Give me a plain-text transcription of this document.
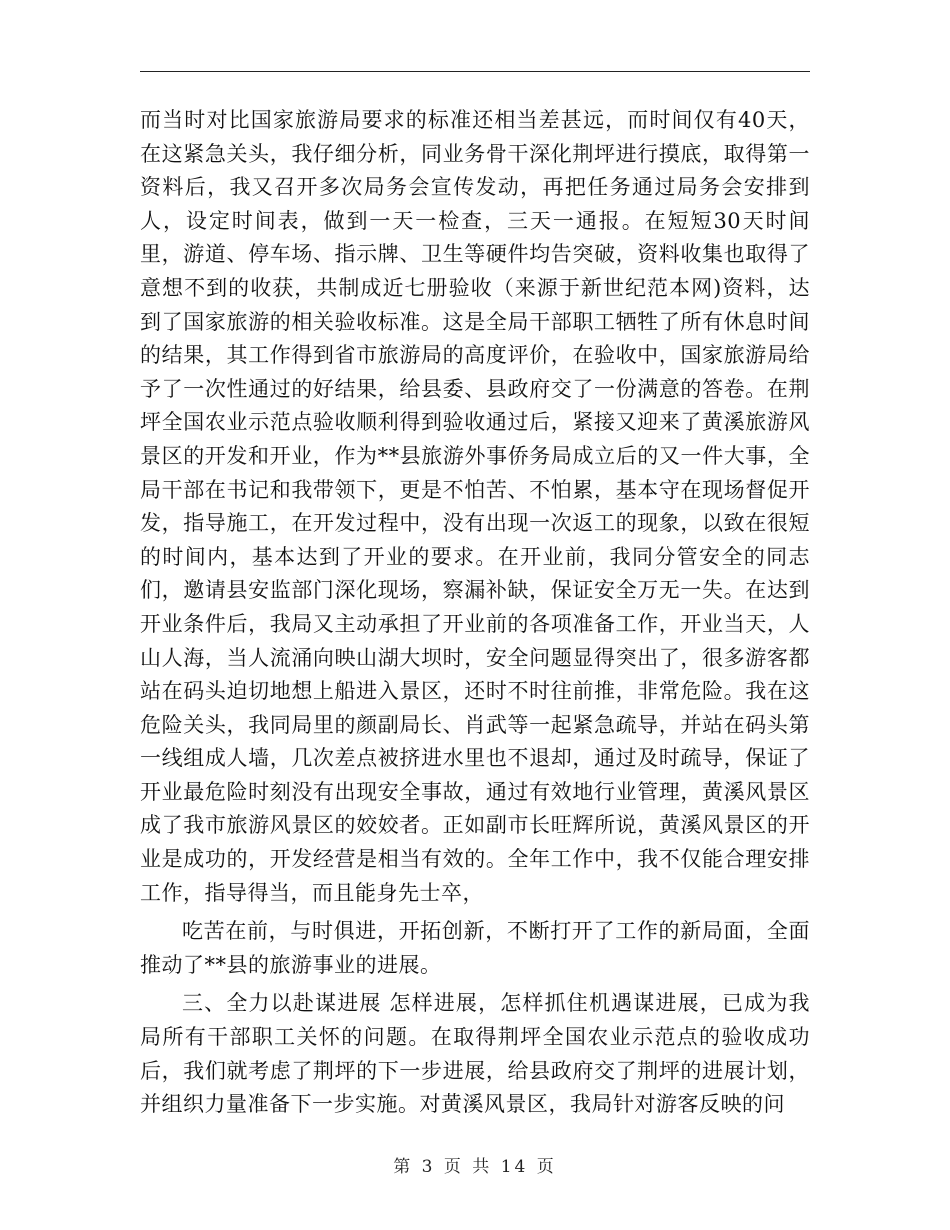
而当时对比国家旅游局要求的标准还相当差甚远，而时间仅有40天，在这紧急关头，我仔细分析，同业务骨干深化荆坪进行摸底，取得第一资料后，我又召开多次局务会宣传发动，再把任务通过局务会安排到人，设定时间表，做到一天一检查，三天一通报。在短短30天时间里，游道、停车场、指示牌、卫生等硬件均告突破，资料收集也取得了意想不到的收获，共制成近七册验收（来源于新世纪范本网)资料，达到了国家旅游的相关验收标准。这是全局干部职工牺牲了所有休息时间的结果，其工作得到省市旅游局的高度评价，在验收中，国家旅游局给予了一次性通过的好结果，给县委、县政府交了一份满意的答卷。在荆坪全国农业示范点验收顺利得到验收通过后，紧接又迎来了黄溪旅游风景区的开发和开业，作为**县旅游外事侨务局成立后的又一件大事，全局干部在书记和我带领下，更是不怕苦、不怕累，基本守在现场督促开发，指导施工，在开发过程中，没有出现一次返工的现象，以致在很短的时间内，基本达到了开业的要求。在开业前，我同分管安全的同志们，邀请县安监部门深化现场，察漏补缺，保证安全万无一失。在达到开业条件后，我局又主动承担了开业前的各项准备工作，开业当天，人山人海，当人流涌向映山湖大坝时，安全问题显得突出了，很多游客都站在码头迫切地想上船进入景区，还时不时往前推，非常危险。我在这危险关头，我同局里的颜副局长、肖武等一起紧急疏导，并站在码头第一线组成人墙，几次差点被挤进水里也不退却，通过及时疏导，保证了开业最危险时刻没有出现安全事故，通过有效地行业管理，黄溪风景区成了我市旅游风景区的姣姣者。正如副市长旺辉所说，黄溪风景区的开业是成功的，开发经营是相当有效的。全年工作中，我不仅能合理安排工作，指导得当，而且能身先士卒，

吃苦在前，与时俱进，开拓创新，不断打开了工作的新局面，全面推动了**县的旅游事业的进展。

三、全力以赴谋进展 怎样进展，怎样抓住机遇谋进展，已成为我局所有干部职工关怀的问题。在取得荆坪全国农业示范点的验收成功后，我们就考虑了荆坪的下一步进展，给县政府交了荆坪的进展计划，并组织力量准备下一步实施。对黄溪风景区，我局针对游客反映的问

第 3 页 共 14 页
